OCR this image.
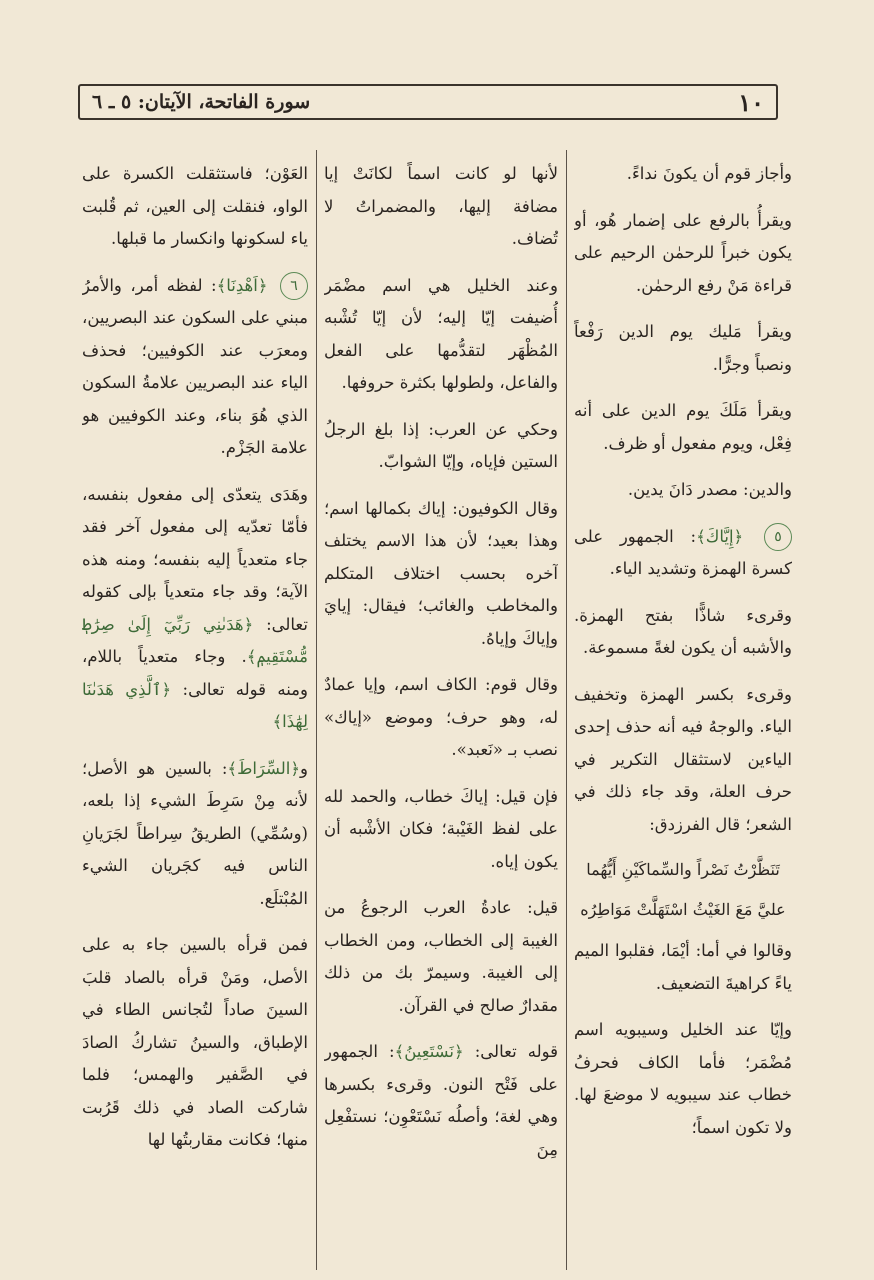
١٠
سورة الفاتحة، الآيتان: ٥ ـ ٦

وأجاز قوم أن يكونَ نداءً.

ويقرأُ بالرفع على إضمار هُو، أو يكون خبراً للرحمٰن الرحيم على قراءة مَنْ رفع الرحمٰن.

ويقرأ مَليك يوم الدين رَفْعاً ونصباً وجرًّا.

ويقرأ مَلَكَ يوم الدين على أنه فِعْل، ويوم مفعول أو ظرف.

والدين: مصدر دَانَ يدين.

٥ ﴿إِيَّاكَ﴾: الجمهور على كسرة الهمزة وتشديد الياء.

وقرىء شاذًّا بفتح الهمزة. والأشبه أن يكون لغةً مسموعة.

وقرىء بكسر الهمزة وتخفيف الياء. والوجهُ فيه أنه حذف إحدى الياءين لاستثقال التكرير في حرف العلة، وقد جاء ذلك في الشعر؛ قال الفرزدق:

تَنَظَّرْتُ نَصْراً والسِّماكَيْنِ أَيُّهُما
عليَّ مَعَ الغَيْثُ اسْتَهَلَّتْ مَوَاطِرُه

وقالوا في أما: أيْمَا، فقلبوا الميم ياءً كراهيةَ التضعيف.

وإيّا عند الخليل وسيبويه اسم مُضْمَر؛ فأما الكاف فحرفُ خطاب عند سيبويه لا موضعَ لها. ولا تكون اسماً؛

لأنها لو كانت اسماً لكانَتْ إيا مضافة إليها، والمضمراتُ لا تُضاف.

وعند الخليل هي اسم مضْمَر أُضيفت إيّا إليه؛ لأن إيّا تُشْبه المُظْهَر لتقدُّمها على الفعل والفاعل، ولطولها بكثرة حروفها.

وحكي عن العرب: إذا بلغ الرجلُ الستين فإياه، وإيّا الشوابّ.

وقال الكوفيون: إياك بكمالها اسم؛ وهذا بعيد؛ لأن هذا الاسم يختلف آخره بحسب اختلاف المتكلم والمخاطب والغائب؛ فيقال: إيايَ وإياكَ وإياهُ.

وقال قوم: الكاف اسم، وإيا عمادٌ له، وهو حرف؛ وموضع «إياك» نصب بـ «نَعبد».

فإن قيل: إياكَ خطاب، والحمد لله على لفظ الغَيْبة؛ فكان الأشْبه أن يكون إياه.

قيل: عادةُ العرب الرجوعُ من الغيبة إلى الخطاب، ومن الخطاب إلى الغيبة. وسيمرّ بك من ذلك مقدارٌ صالح في القرآن.

قوله تعالى: ﴿نَسْتَعِينُ﴾: الجمهور على فَتْح النون. وقرىء بكسرها وهي لغة؛ وأصلُه نَسْتَعْوِن؛ نستفْعِل مِنَ

العَوْن؛ فاستثقلت الكسرة على الواو، فنقلت إلى العين، ثم قُلبت ياء لسكونها وانكسار ما قبلها.

٦ ﴿اَهْدِنَا﴾: لفظه أمر، والأمرُ مبني على السكون عند البصريين، ومعرَب عند الكوفيين؛ فحذف الياء عند البصريين علامةُ السكون الذي هُوَ بناء، وعند الكوفيين هو علامة الجَزْم.

وهَدَى يتعدّى إلى مفعول بنفسه، فأمّا تعدّيه إلى مفعول آخر فقد جاء متعدياً إليه بنفسه؛ ومنه هذه الآية؛ وقد جاء متعدياً بإلى كقوله تعالى: ﴿هَدَىٰنِي رَبِّيٓ إِلَىٰ صِرَٰطٖ مُّسْتَقِيمٖ﴾. وجاء متعدياً باللام، ومنه قوله تعالى: ﴿ٱلَّذِي هَدَىٰنَا لِهَٰذَا﴾

و﴿السِّرَاطَ﴾: بالسين هو الأصل؛ لأنه مِنْ سَرِطَ الشيء إذا بلعه، (وسُمِّي) الطريقُ سِراطاً لجَرَيانِ الناس فيه كجَريان الشيء المُبْتلَع.

فمن قرأه بالسين جاء به على الأصل، ومَنْ قرأه بالصاد قلبَ السينَ صاداً لتُجانس الطاء في الإطباق، والسينُ تشاركُ الصادَ في الصَّفير والهمس؛ فلما شاركت الصاد في ذلك قَرُبت منها؛ فكانت مقاربتُها لها
